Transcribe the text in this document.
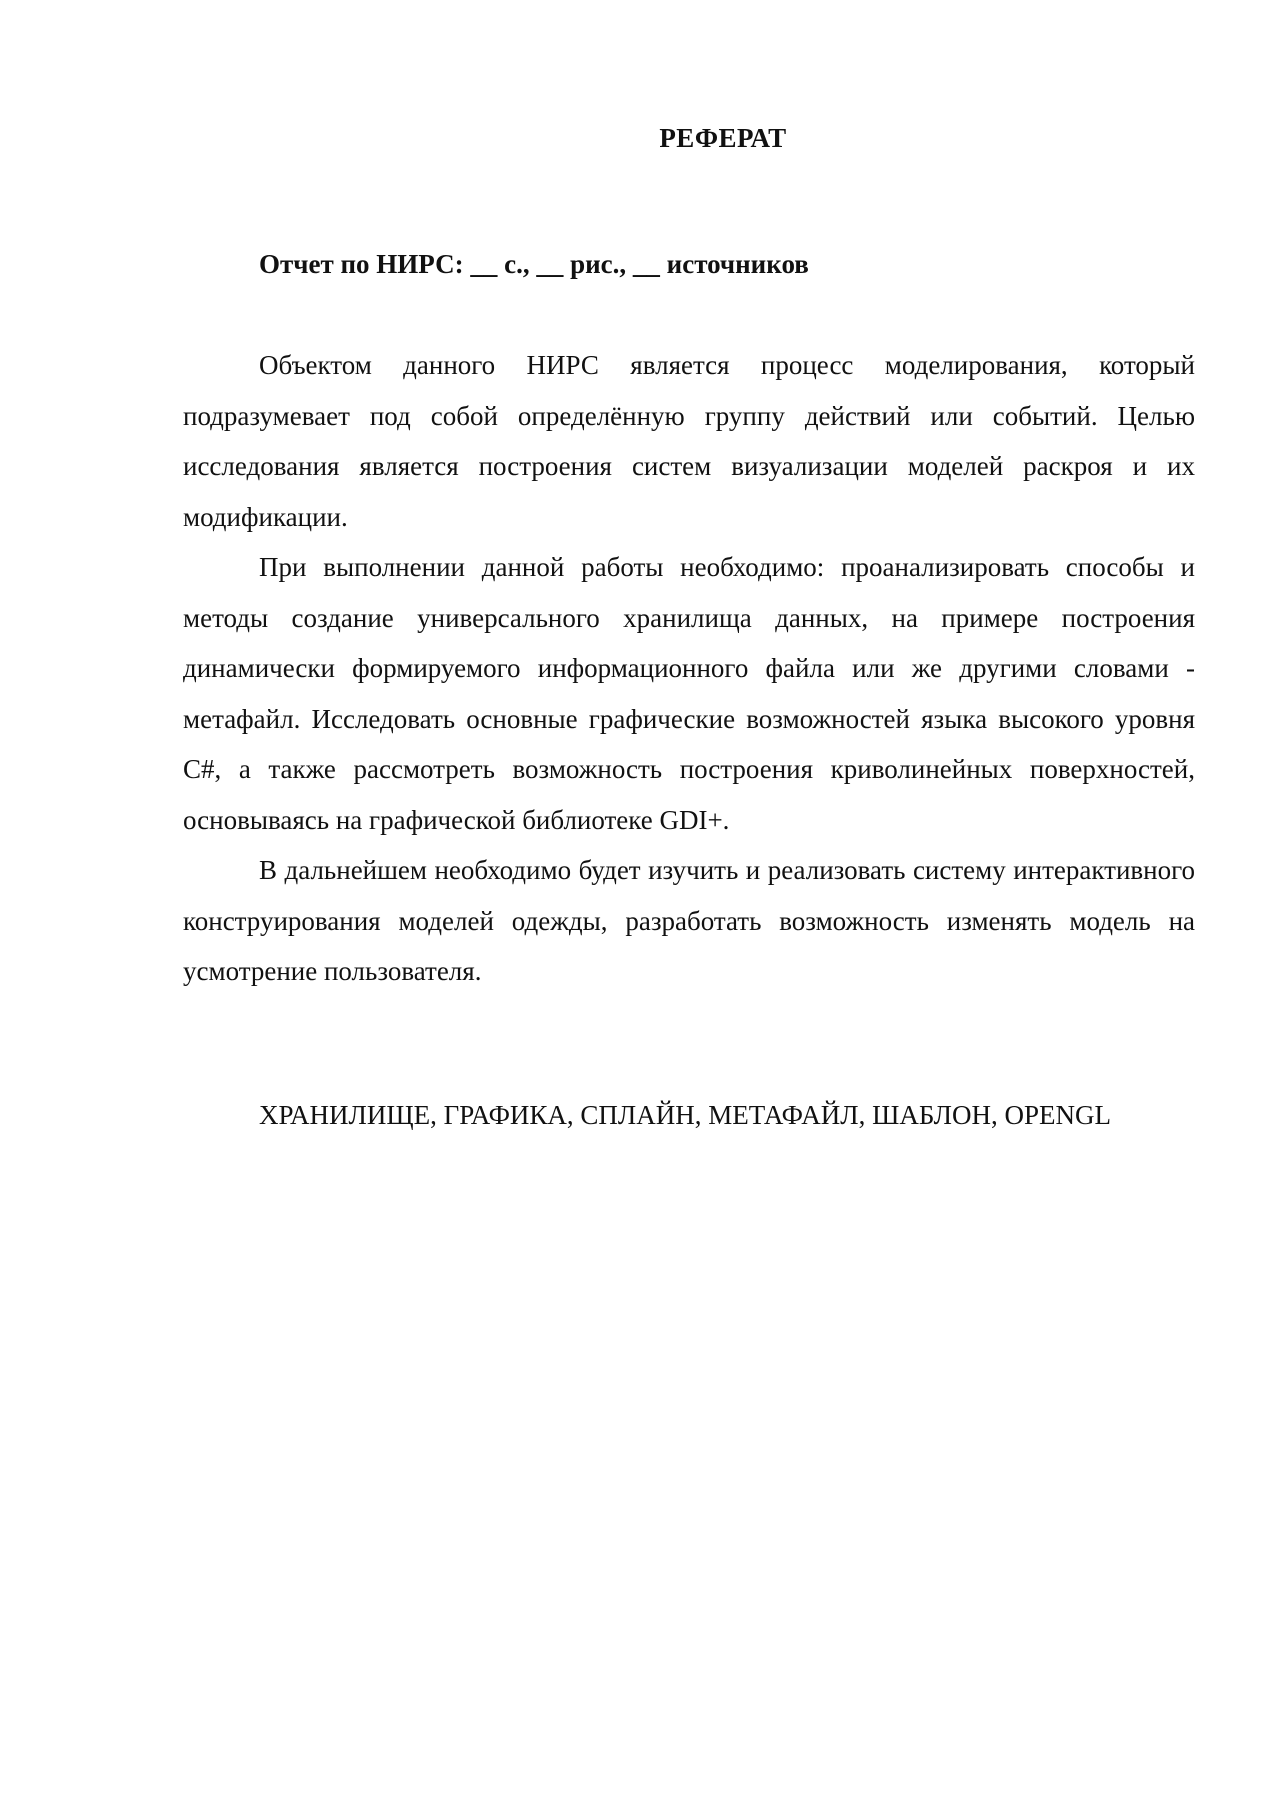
РЕФЕРАТ

Отчет по НИРС: __ с., __ рис., __ источников

Объектом данного НИРС является процесс моделирования, который подразумевает под собой определённую группу действий или событий. Целью исследования является построения систем визуализации моделей раскроя и их модификации.

При выполнении данной работы необходимо: проанализировать способы и методы создание универсального хранилища данных, на примере построения динамически формируемого информационного файла или же другими словами - метафайл. Исследовать основные графические возможностей языка высокого уровня C#, а также рассмотреть возможность построения криволинейных поверхностей, основываясь на графической библиотеке GDI+.

В дальнейшем необходимо будет изучить и реализовать систему интерактивного конструирования моделей одежды, разработать возможность изменять модель на усмотрение пользователя.

ХРАНИЛИЩЕ, ГРАФИКА, СПЛАЙН, МЕТАФАЙЛ, ШАБЛОН, OPENGL
